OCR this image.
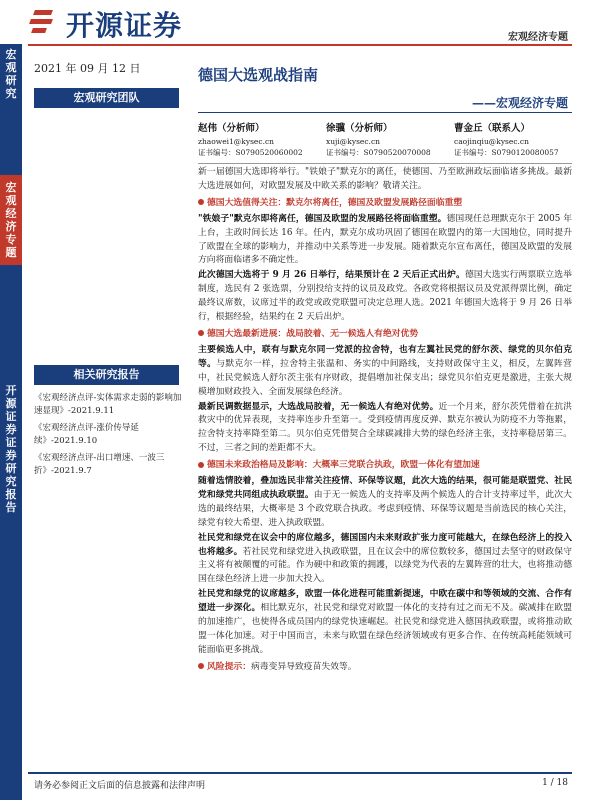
开源证券	宏观经济专题
宏观研究
开源证券 证券研究报告
宏观经济专题
2021 年 09 月 12 日
宏观研究团队
相关研究报告
《宏观经济点评-实体需求走弱的影响加速显现》-2021.9.11
《宏观经济点评-涨价传导延续》-2021.9.10
《宏观经济点评-出口增速、一波三折》-2021.9.7
德国大选观战指南
——宏观经济专题
赵伟（分析师）
zhaowei1@kysec.cn
证书编号：S0790520060002
徐骥（分析师）
xuji@kysec.cn
证书编号：S0790520070008
曹金丘（联系人）
caojinqiu@kysec.cn
证书编号：S0790120080057

新一届德国大选即将举行。"铁娘子"默克尔的离任，使德国、乃至欧洲政坛面临诸多挑战。最新大选进展如何，对欧盟发展及中欧关系的影响？敬请关注。

德国大选值得关注：默克尔将离任，德国及欧盟发展路径面临重塑

"铁娘子"默克尔即将离任，德国及欧盟的发展路径将面临重塑。德国现任总理默克尔于 2005 年上台，主政时间长达 16 年。任内，默克尔成功巩固了德国在欧盟内的第一大国地位，同时提升了欧盟在全球的影响力，并推动中关系等进一步发展。随着默克尔宣布离任，德国及欧盟的发展方向将面临诸多不确定性。

此次德国大选将于 9 月 26 日举行，结果预计在 2 天后正式出炉。德国大选实行两票联立选举制度，选民有 2 张选票，分别投给支持的议员及政党。各政党将根据议员及党派得票比例，确定最终议席数，议席过半的政党或政党联盟可决定总理人选。2021 年德国大选将于 9 月 26 日举行，根据经验，结果约在 2 天后出炉。

德国大选最新进展：战局胶着、无一候选人有绝对优势

主要候选人中，联有与默克尔同一党派的拉舍特，也有左翼社民党的舒尔茨、绿党的贝尔伯克等。与默克尔一样，拉舍特主张温和、务实的中间路线，支持财政保守主义，相反，左翼阵营中，社民党候选人舒尔茨主张有序财政，提倡增加社保支出；绿党贝尔伯克更是激进，主张大规模增加财政投入、全面发展绿色经济。

最新民调数据显示，大选战局胶着，无一候选人有绝对优势。近一个月来，舒尔茨凭借着在抗洪救灾中的优异表现，支持率连步升至第一。受到疫情再度反弹、默克尔被认为防疫不力等拖累，拉舍特支持率降至第二。贝尔伯克凭借契合全球碳减排大势的绿色经济主张，支持率稳居第三。不过，三者之间的差距都不大。

德国未来政治格局及影响：大概率三党联合执政，欧盟一体化有望加速

随着选情胶着，叠加选民非常关注疫情、环保等议题，此次大选的结果，很可能是联盟党、社民党和绿党共同组成执政联盟。由于无一候选人的支持率及两个候选人的合计支持率过半，此次大选的最终结果，大概率是 3 个政党联合执政。考虑到疫情、环保等议题是当前选民的核心关注，绿党有较大希望、进入执政联盟。

社民党和绿党在议会中的席位越多，德国国内未来财政扩张力度可能越大，在绿色经济上的投入也将越多。若社民党和绿党进入执政联盟，且在议会中的席位数较多，德国过去坚守的财政保守主义将有被颠覆的可能。作为硬中和政策的拥護，以绿党为代表的左翼阵营的壮大，也将推动德国在绿色经济上进一步加大投入。

社民党和绿党的议席越多，欧盟一体化进程可能重新提速，中欧在碳中和等领域的交流、合作有望进一步深化。相比默克尔，社民党和绿党对欧盟一体化的支持有过之而无不及。碳减排在欧盟的加速推广，也使得各成员国内的绿党快速崛起。社民党和绿党进入德国执政联盟，或将推动欧盟一体化加速。对于中国而言，未来与欧盟在绿色经济领域或有更多合作、在传统高耗能领域可能面临更多挑战。

风险提示：病毒变异导致疫苗失效等。
请务必参阅正文后面的信息披露和法律声明	1 / 18
